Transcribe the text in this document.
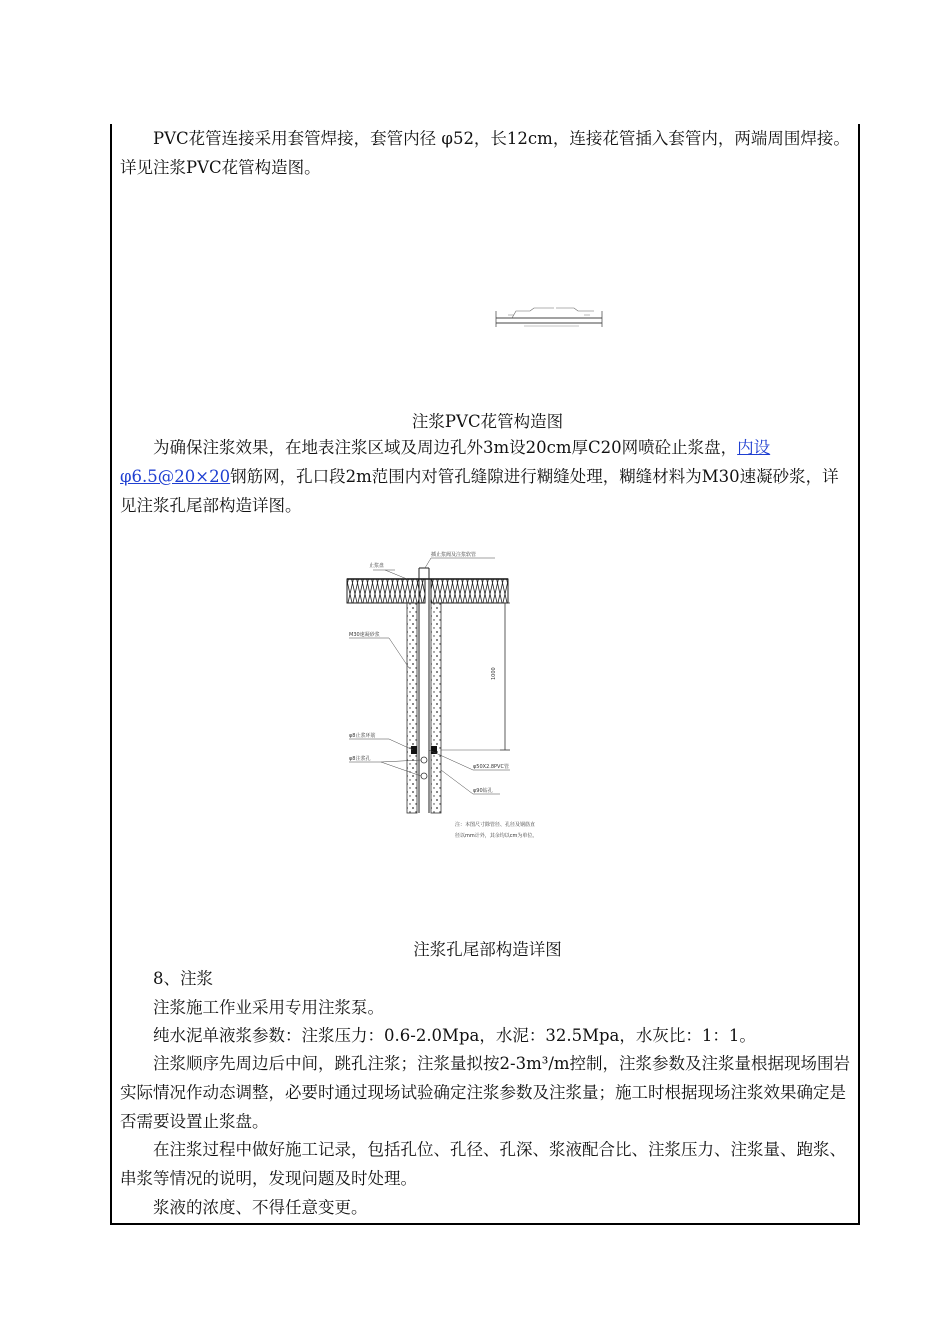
PVC花管连接采用套管焊接，套管内径 φ52，长12cm，连接花管插入套管内，两端周围焊接。详见注浆PVC花管构造图。

注浆PVC花管构造图

为确保注浆效果，在地表注浆区域及周边孔外3m设20cm厚C20网喷砼止浆盘，内设φ6.5@20×20钢筋网，孔口段2m范围内对管孔缝隙进行糊缝处理，糊缝材料为M30速凝砂浆，详见注浆孔尾部构造详图。

1000
止浆盘
插止浆阀及注浆软管
M30速凝砂浆
φ8止浆环筋
φ8注浆孔
φ50X2.8PVC管
φ90钻孔
注：本图尺寸除管径、孔径及钢筋直
径以mm计外，其余均以cm为单位。

注浆孔尾部构造详图

8、注浆

注浆施工作业采用专用注浆泵。

纯水泥单液浆参数：注浆压力：0.6-2.0Mpa，水泥：32.5Mpa，水灰比：1：1。

注浆顺序先周边后中间，跳孔注浆；注浆量拟按2-3m³/m控制，注浆参数及注浆量根据现场围岩实际情况作动态调整，必要时通过现场试验确定注浆参数及注浆量；施工时根据现场注浆效果确定是否需要设置止浆盘。

在注浆过程中做好施工记录，包括孔位、孔径、孔深、浆液配合比、注浆压力、注浆量、跑浆、串浆等情况的说明，发现问题及时处理。

浆液的浓度、不得任意变更。
